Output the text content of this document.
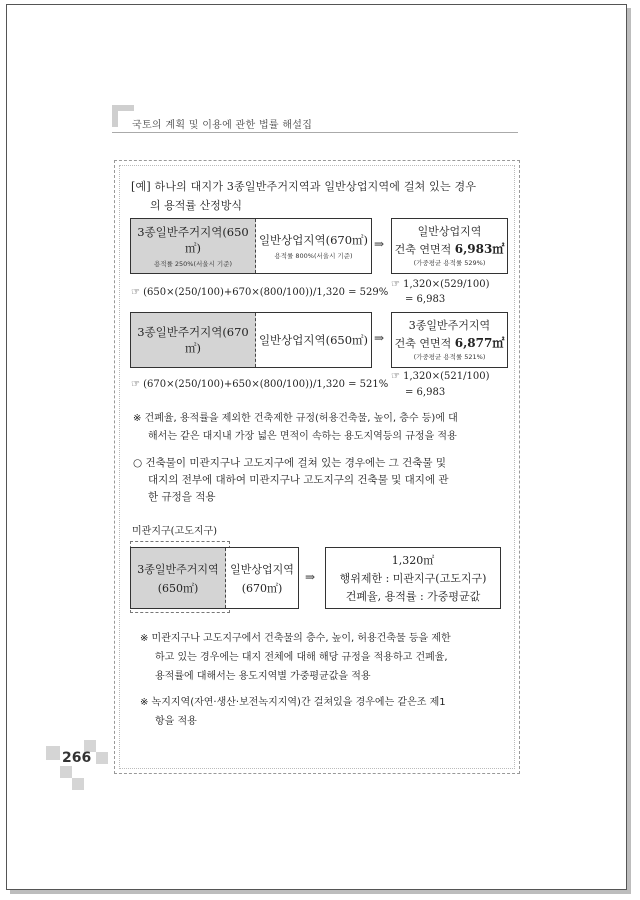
국토의 계획 및 이용에 관한 법률 해설집
[예] 하나의 대지가 3종일반주거지역과 일반상업지역에 걸쳐 있는 경우
의 용적률 산정방식
3종일반주거지역(650㎡)
용적률 250%(서울시 기준)
일반상업지역(670㎡)
용적률 800%(서울시 기준)
⇒
일반상업지역
건축 연면적 6,983㎡
(가중평균 용적률 529%)
☞ (650×(250/100)+670×(800/100))/1,320 = 529%
☞ 1,320×(529/100)
= 6,983
3종일반주거지역(670㎡)
일반상업지역(650㎡) ⇒
3종일반주거지역
건축 연면적 6,877㎡
(가중평균 용적률 521%)
☞ (670×(250/100)+650×(800/100))/1,320 = 521%
☞ 1,320×(521/100)
= 6,983
※ 건폐율, 용적률을 제외한 건축제한 규정(허용건축물, 높이, 층수 등)에 대
해서는 같은 대지내 가장 넓은 면적이 속하는 용도지역등의 규정을 적용
○ 건축물이 미관지구나 고도지구에 걸쳐 있는 경우에는 그 건축물 및
대지의 전부에 대하여 미관지구나 고도지구의 건축물 및 대지에 관
한 규정을 적용
미관지구(고도지구)
3종일반주거지역
(650㎡)
일반상업지역
(670㎡)
⇒
1,320㎡
행위제한 : 미관지구(고도지구)
건폐율, 용적률 : 가중평균값
※ 미관지구나 고도지구에서 건축물의 층수, 높이, 허용건축물 등을 제한
하고 있는 경우에는 대지 전체에 대해 해당 규정을 적용하고 건폐율,
용적률에 대해서는 용도지역별 가중평균값을 적용
※ 녹지지역(자연·생산·보전녹지지역)간 걸쳐있을 경우에는 같은조 제1
항을 적용
266
